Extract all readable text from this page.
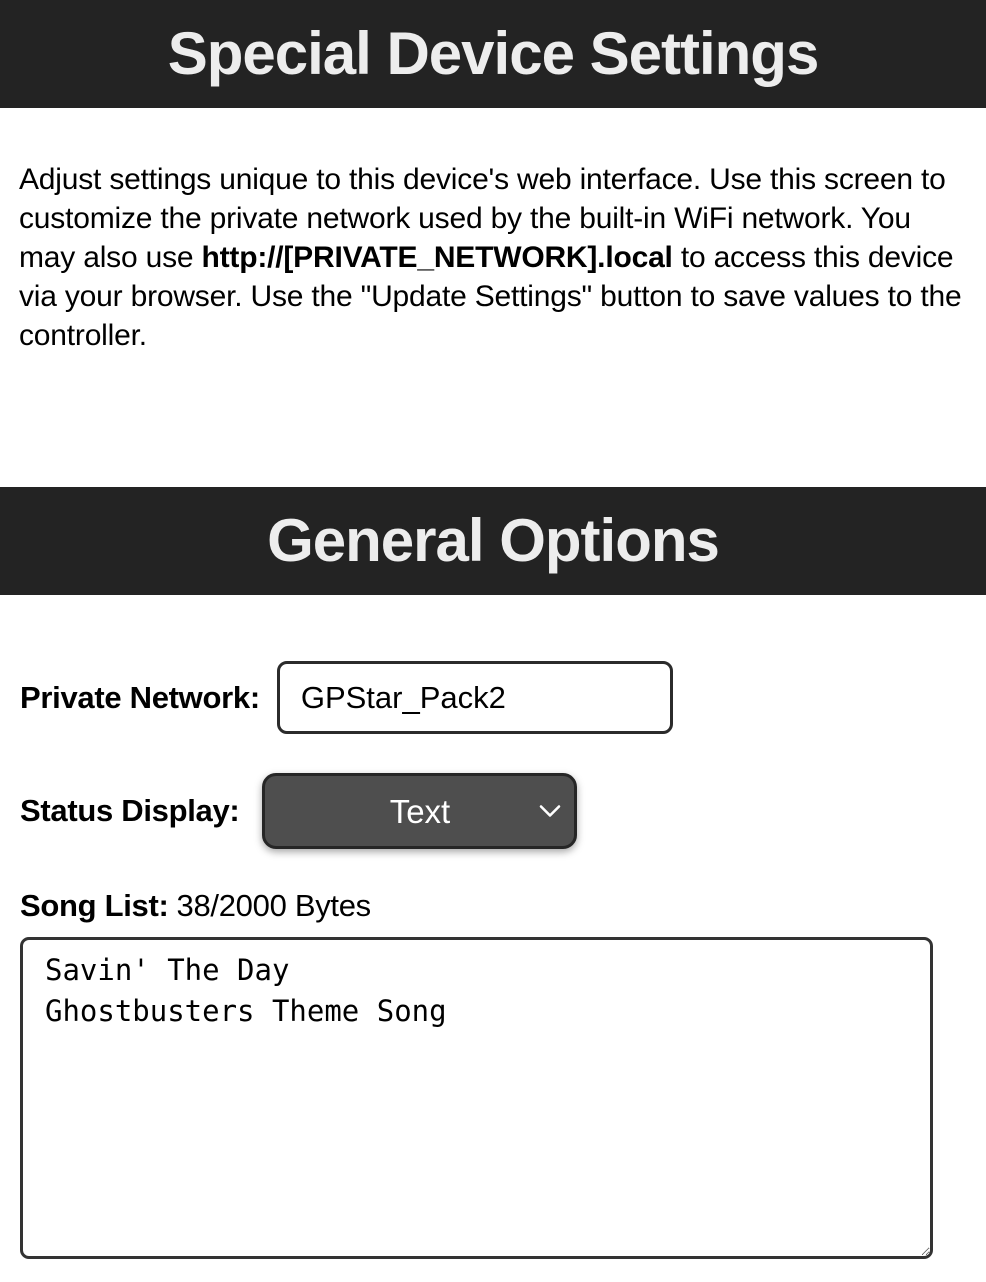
Special Device Settings

Adjust settings unique to this device's web interface. Use this screen to customize the private network used by the built-in WiFi network. You may also use http://[PRIVATE_NETWORK].local to access this device via your browser. Use the "Update Settings" button to save values to the controller.

General Options
Private Network:
GPStar_Pack2
Status Display:
Text
Song List: 38/2000 Bytes
Savin' The Day Ghostbusters Theme Song
